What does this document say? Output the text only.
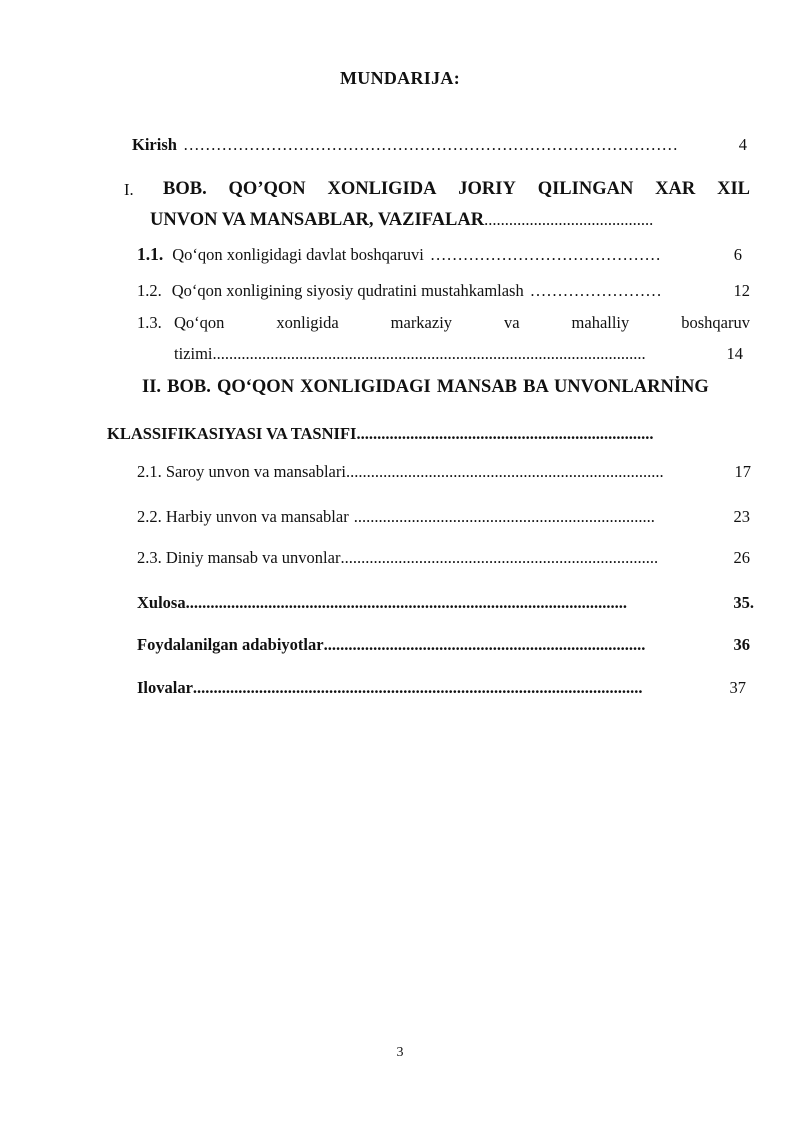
MUNDARIJA:
Kirish ………………………………………………………………………………	4
I. BOB. QO’QON XONLIGIDA JORIY QILINGAN XAR XIL
UNVON VA MANSABLAR, VAZIFALAR .........................................
1.1. Qo‘qon xonligidagi davlat boshqaruvi ……………………………………	6
1.2. Qo‘qon xonligining siyosiy qudratini mustahkamlash ……………………	12
1.3. Qo‘qon	xonligida	markaziy	va	mahalliy	boshqaruv
tizimi .........................................................................................................	14
II. BOB. QO‘QON XONLIGIDAGI MANSAB BA UNVONLARNİNG
KLASSIFIKASIYASI VA TASNIFI ........................................................................
2.1. Saroy unvon va mansablari .............................................................................	17
2.2. Harbiy unvon va mansablar .........................................................................	23
2.3. Diniy mansab va unvonlar .............................................................................	26
Xulosa ...........................................................................................................	35.
Foydalanilgan adabiyotlar ..............................................................................	36
Ilovalar .............................................................................................................	37
3
